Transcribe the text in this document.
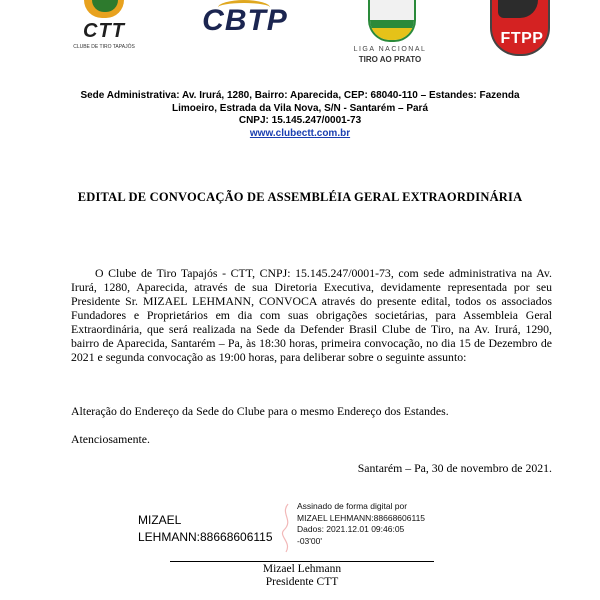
CTT
CLUBE DE TIRO TAPAJÓS
CBTP
LIGA NACIONAL
TIRO AO PRATO
FTPP
Sede Administrativa: Av. Irurá, 1280, Bairro: Aparecida, CEP: 68040-110 – Estandes: Fazenda
Limoeiro, Estrada da Vila Nova, S/N - Santarém – Pará
CNPJ: 15.145.247/0001-73
www.clubectt.com.br
EDITAL DE CONVOCAÇÃO DE ASSEMBLÉIA GERAL EXTRAORDINÁRIA
O Clube de Tiro Tapajós - CTT, CNPJ: 15.145.247/0001-73, com sede administrativa na Av. Irurá, 1280, Aparecida, através de sua Diretoria Executiva, devidamente representada por seu Presidente Sr. MIZAEL LEHMANN, CONVOCA através do presente edital, todos os associados Fundadores e Proprietários em dia com suas obrigações societárias, para Assembleia Geral Extraordinária, que será realizada na Sede da Defender Brasil Clube de Tiro, na Av. Irurá, 1290, bairro de Aparecida, Santarém – Pa, às 18:30 horas, primeira convocação, no dia 15 de Dezembro de 2021 e segunda convocação as 19:00 horas, para deliberar sobre o seguinte assunto:
Alteração do Endereço da Sede do Clube para o mesmo Endereço dos Estandes.
Atenciosamente.
Santarém – Pa, 30 de novembro de 2021.
MIZAEL
LEHMANN:88668606115
Assinado de forma digital por
MIZAEL LEHMANN:88668606115
Dados: 2021.12.01 09:46:05
-03'00'
Mizael Lehmann
Presidente CTT
